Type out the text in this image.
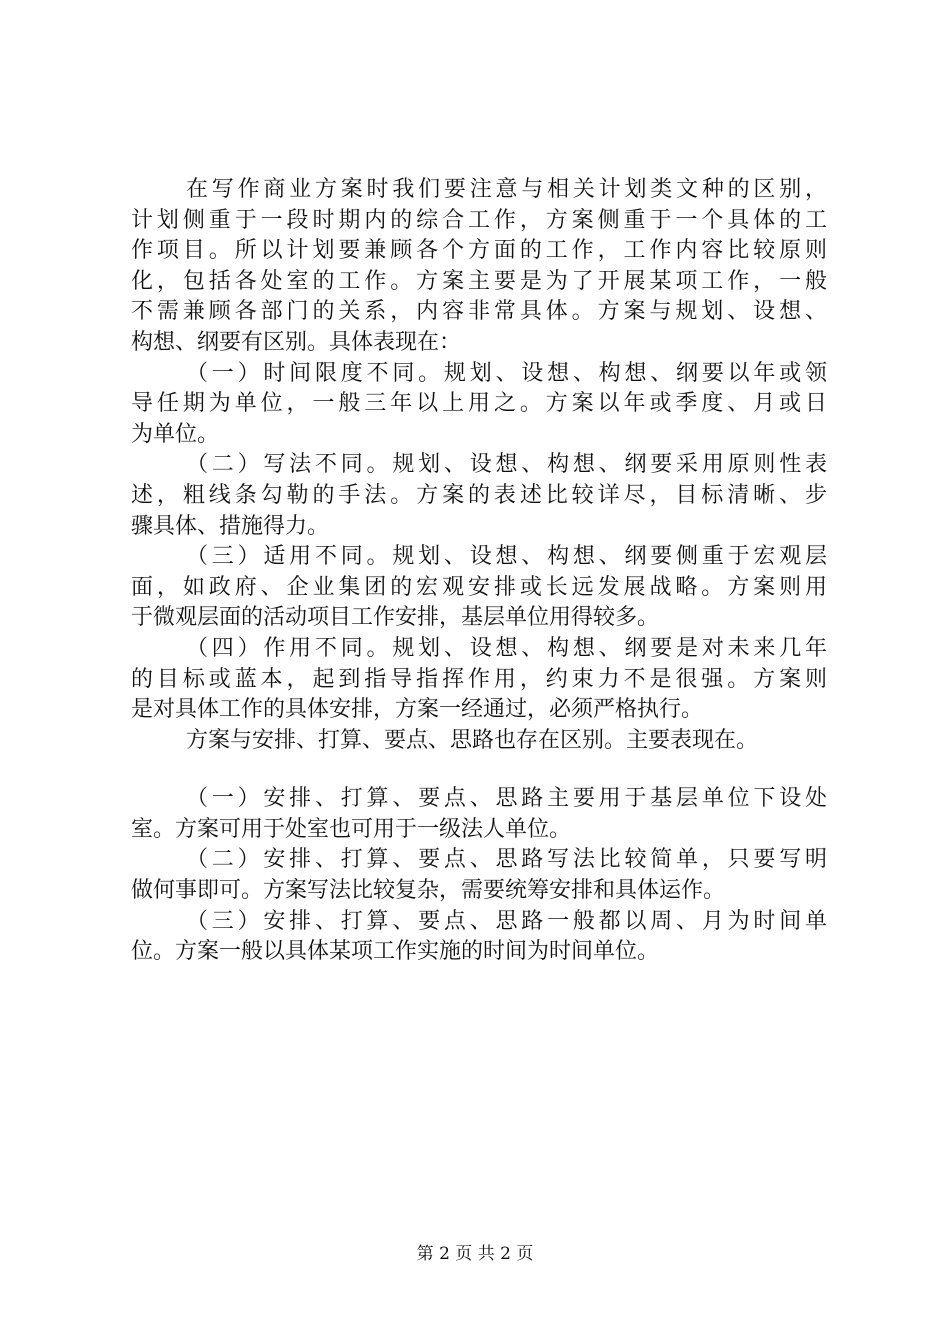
在写作商业方案时我们要注意与相关计划类文种的区别，
计划侧重于一段时期内的综合工作，方案侧重于一个具体的工
作项目。所以计划要兼顾各个方面的工作，工作内容比较原则
化，包括各处室的工作。方案主要是为了开展某项工作，一般
不需兼顾各部门的关系，内容非常具体。方案与规划、设想、
构想、纲要有区别。具体表现在：
（一）时间限度不同。规划、设想、构想、纲要以年或领
导任期为单位，一般三年以上用之。方案以年或季度、月或日
为单位。
（二）写法不同。规划、设想、构想、纲要采用原则性表
述，粗线条勾勒的手法。方案的表述比较详尽，目标清晰、步
骤具体、措施得力。
（三）适用不同。规划、设想、构想、纲要侧重于宏观层
面，如政府、企业集团的宏观安排或长远发展战略。方案则用
于微观层面的活动项目工作安排，基层单位用得较多。
（四）作用不同。规划、设想、构想、纲要是对未来几年
的目标或蓝本，起到指导指挥作用，约束力不是很强。方案则
是对具体工作的具体安排，方案一经通过，必须严格执行。
方案与安排、打算、要点、思路也存在区别。主要表现在。
（一）安排、打算、要点、思路主要用于基层单位下设处
室。方案可用于处室也可用于一级法人单位。
（二）安排、打算、要点、思路写法比较简单，只要写明
做何事即可。方案写法比较复杂，需要统筹安排和具体运作。
（三）安排、打算、要点、思路一般都以周、月为时间单
位。方案一般以具体某项工作实施的时间为时间单位。
第 2 页 共 2 页
